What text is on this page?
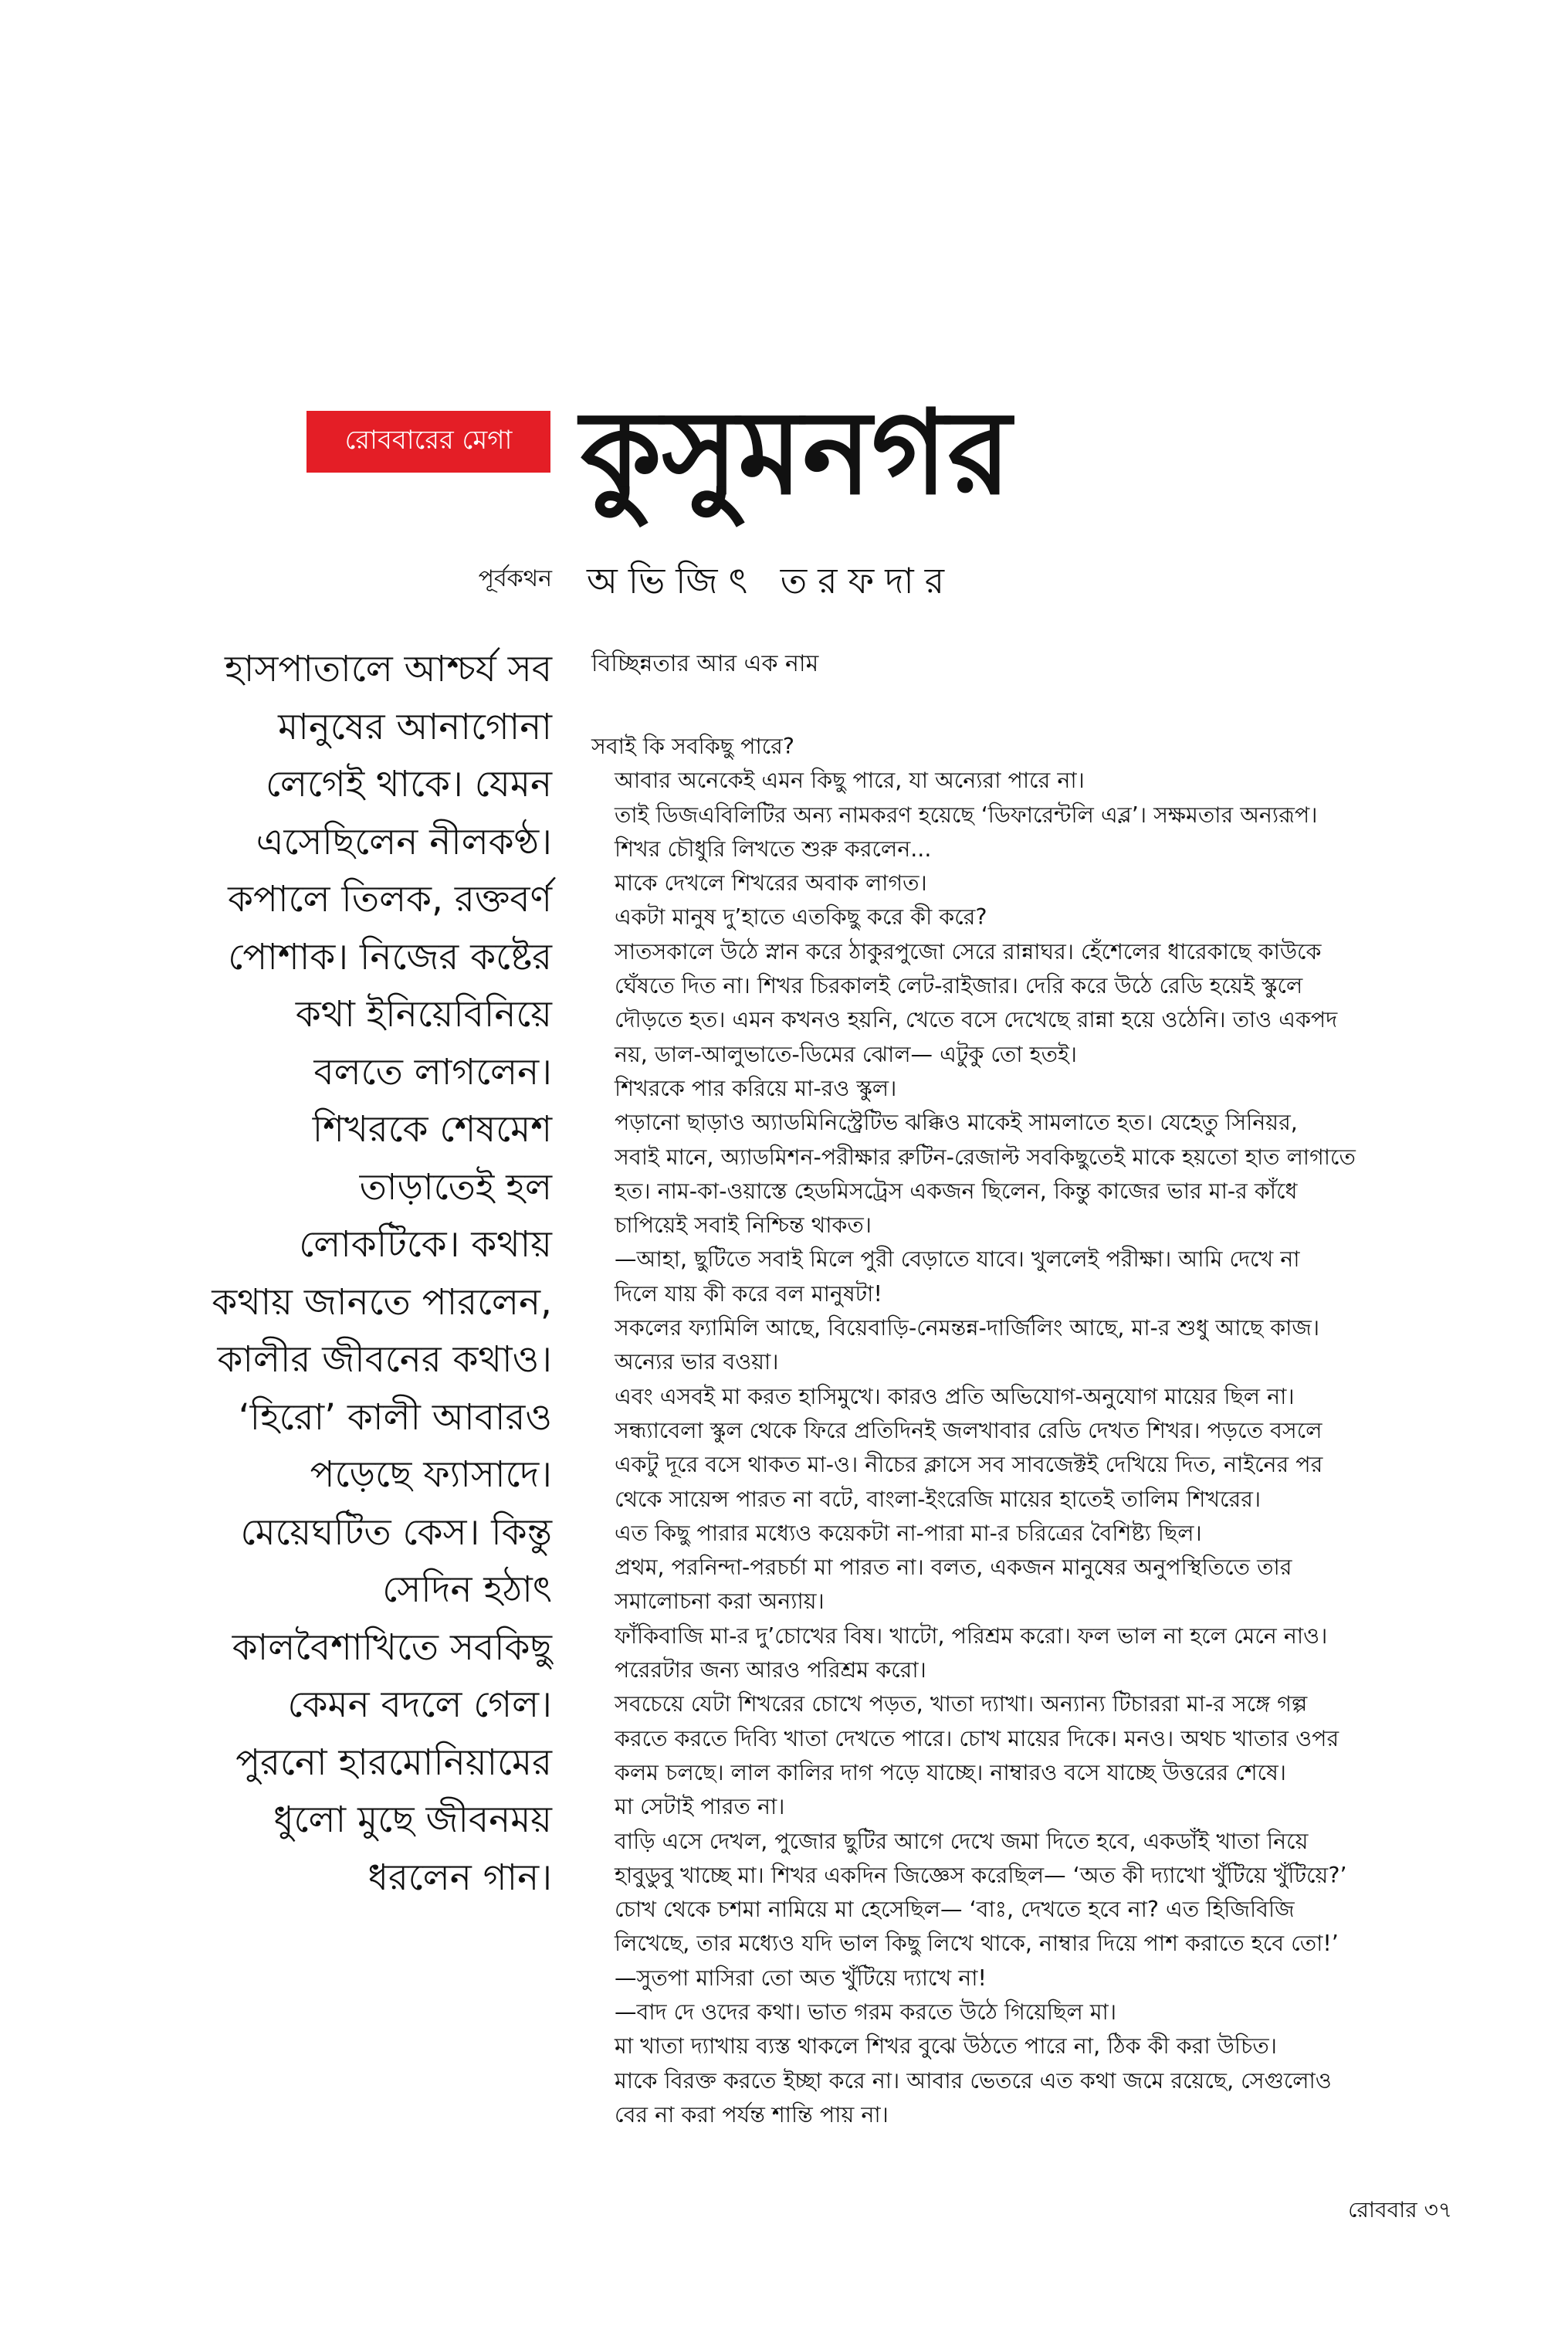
রোববারের মেগা কুসুমনগর
পূর্বকথন অভিজিৎ তরফদার
হাসপাতালে আশ্চর্য সব
মানুষের আনাগোনা
লেগেই থাকে। যেমন
এসেছিলেন নীলকণ্ঠ।
কপালে তিলক, রক্তবর্ণ
পোশাক। নিজের কষ্টের
কথা ইনিয়েবিনিয়ে
বলতে লাগলেন।
শিখরকে শেষমেশ
তাড়াতেই হল
লোকটিকে। কথায়
কথায় জানতে পারলেন,
কালীর জীবনের কথাও।
‘হিরো’ কালী আবারও
পড়েছে ফ্যাসাদে।
মেয়েঘটিত কেস। কিন্তু
সেদিন হঠাৎ
কালবৈশাখিতে সবকিছু
কেমন বদলে গেল।
পুরনো হারমোনিয়ামের
ধুলো মুছে জীবনময়
ধরলেন গান।
বিচ্ছিন্নতার আর এক নাম
সবাই কি সবকিছু পারে?
আবার অনেকেই এমন কিছু পারে, যা অন্যেরা পারে না।
তাই ডিজএবিলিটির অন্য নামকরণ হয়েছে ‘ডিফারেন্টলি এব্ল’। সক্ষমতার অন্যরূপ।
শিখর চৌধুরি লিখতে শুরু করলেন...
মাকে দেখলে শিখরের অবাক লাগত।
একটা মানুষ দু’হাতে এতকিছু করে কী করে?
সাতসকালে উঠে স্নান করে ঠাকুরপুজো সেরে রান্নাঘর। হেঁশেলের ধারেকাছে কাউকে
ঘেঁষতে দিত না। শিখর চিরকালই লেট-রাইজার। দেরি করে উঠে রেডি হয়েই স্কুলে
দৌড়তে হত। এমন কখনও হয়নি, খেতে বসে দেখেছে রান্না হয়ে ওঠেনি। তাও একপদ
নয়, ডাল-আলুভাতে-ডিমের ঝোল— এটুকু তো হতই।
শিখরকে পার করিয়ে মা-রও স্কুল।
পড়ানো ছাড়াও অ্যাডমিনিস্ট্রেটিভ ঝক্কিও মাকেই সামলাতে হত। যেহেতু সিনিয়র,
সবাই মানে, অ্যাডমিশন-পরীক্ষার রুটিন-রেজাল্ট সবকিছুতেই মাকে হয়তো হাত লাগাতে
হত। নাম-কা-ওয়াস্তে হেডমিসট্রেস একজন ছিলেন, কিন্তু কাজের ভার মা-র কাঁধে
চাপিয়েই সবাই নিশ্চিন্ত থাকত।
—আহা, ছুটিতে সবাই মিলে পুরী বেড়াতে যাবে। খুললেই পরীক্ষা। আমি দেখে না
দিলে যায় কী করে বল মানুষটা!
সকলের ফ্যামিলি আছে, বিয়েবাড়ি-নেমন্তন্ন-দার্জিলিং আছে, মা-র শুধু আছে কাজ।
অন্যের ভার বওয়া।
এবং এসবই মা করত হাসিমুখে। কারও প্রতি অভিযোগ-অনুযোগ মায়ের ছিল না।
সন্ধ্যাবেলা স্কুল থেকে ফিরে প্রতিদিনই জলখাবার রেডি দেখত শিখর। পড়তে বসলে
একটু দূরে বসে থাকত মা-ও। নীচের ক্লাসে সব সাবজেক্টই দেখিয়ে দিত, নাইনের পর
থেকে সায়েন্স পারত না বটে, বাংলা-ইংরেজি মায়ের হাতেই তালিম শিখরের।
এত কিছু পারার মধ্যেও কয়েকটা না-পারা মা-র চরিত্রের বৈশিষ্ট্য ছিল।
প্রথম, পরনিন্দা-পরচর্চা মা পারত না। বলত, একজন মানুষের অনুপস্থিতিতে তার
সমালোচনা করা অন্যায়।
ফাঁকিবাজি মা-র দু’চোখের বিষ। খাটো, পরিশ্রম করো। ফল ভাল না হলে মেনে নাও।
পরেরটার জন্য আরও পরিশ্রম করো।
সবচেয়ে যেটা শিখরের চোখে পড়ত, খাতা দ্যাখা। অন্যান্য টিচাররা মা-র সঙ্গে গল্প
করতে করতে দিব্যি খাতা দেখতে পারে। চোখ মায়ের দিকে। মনও। অথচ খাতার ওপর
কলম চলছে। লাল কালির দাগ পড়ে যাচ্ছে। নাম্বারও বসে যাচ্ছে উত্তরের শেষে।
মা সেটাই পারত না।
বাড়ি এসে দেখল, পুজোর ছুটির আগে দেখে জমা দিতে হবে, একডাঁই খাতা নিয়ে
হাবুডুবু খাচ্ছে মা। শিখর একদিন জিজ্ঞেস করেছিল— ‘অত কী দ্যাখো খুঁটিয়ে খুঁটিয়ে?’
চোখ থেকে চশমা নামিয়ে মা হেসেছিল— ‘বাঃ, দেখতে হবে না? এত হিজিবিজি
লিখেছে, তার মধ্যেও যদি ভাল কিছু লিখে থাকে, নাম্বার দিয়ে পাশ করাতে হবে তো!’
—সুতপা মাসিরা তো অত খুঁটিয়ে দ্যাখে না!
—বাদ দে ওদের কথা। ভাত গরম করতে উঠে গিয়েছিল মা।
মা খাতা দ্যাখায় ব্যস্ত থাকলে শিখর বুঝে উঠতে পারে না, ঠিক কী করা উচিত।
মাকে বিরক্ত করতে ইচ্ছা করে না। আবার ভেতরে এত কথা জমে রয়েছে, সেগুলোও
বের না করা পর্যন্ত শান্তি পায় না।
রোববার ৩৭
